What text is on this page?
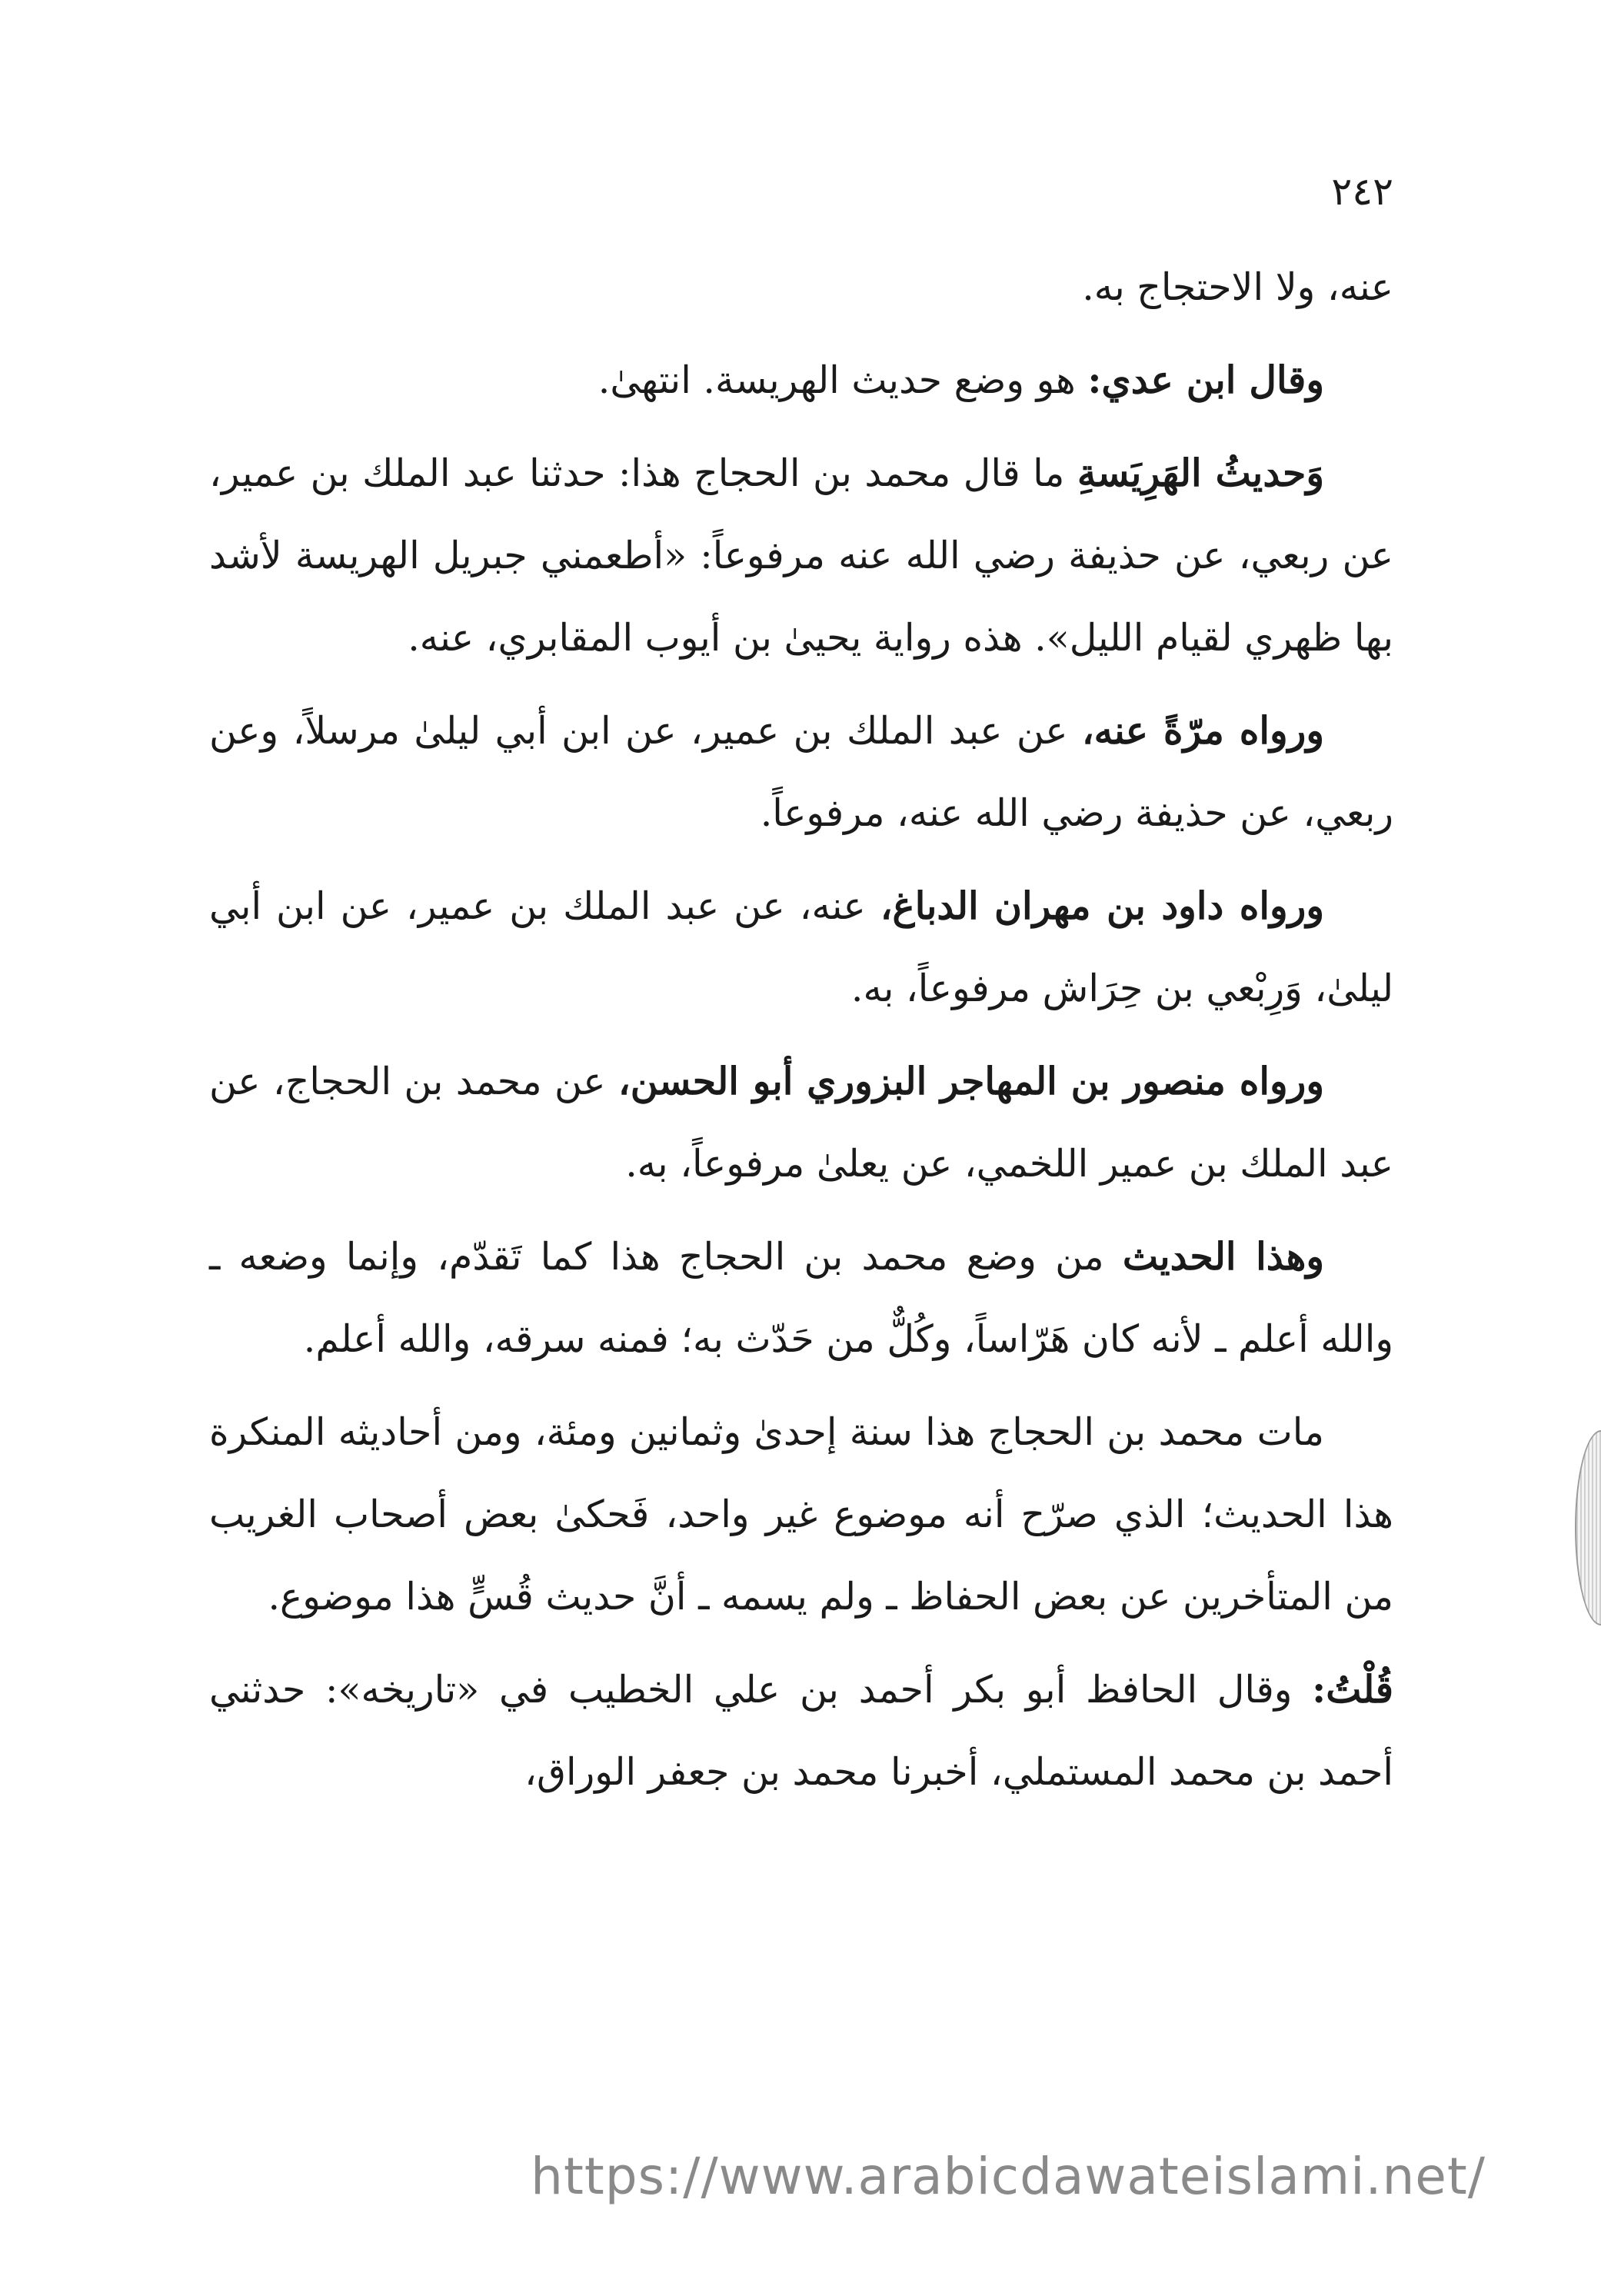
٢٤٢

عنه، ولا الاحتجاج به.

وقال ابن عدي: هو وضع حديث الهريسة. انتهىٰ.

وَحديثُ الهَرِيَسةِ ما قال محمد بن الحجاج هذا: حدثنا عبد الملك بن عمير، عن ربعي، عن حذيفة رضي الله عنه مرفوعاً: «أطعمني جبريل الهريسة لأشد بها ظهري لقيام الليل». هذه رواية يحيىٰ بن أيوب المقابري، عنه.

ورواه مرّةً عنه، عن عبد الملك بن عمير، عن ابن أبي ليلىٰ مرسلاً، وعن ربعي، عن حذيفة رضي الله عنه، مرفوعاً.

ورواه داود بن مهران الدباغ، عنه، عن عبد الملك بن عمير، عن ابن أبي ليلىٰ، وَرِبْعي بن حِرَاش مرفوعاً، به.

ورواه منصور بن المهاجر البزوري أبو الحسن، عن محمد بن الحجاج، عن عبد الملك بن عمير اللخمي، عن يعلىٰ مرفوعاً، به.

وهذا الحديث من وضع محمد بن الحجاج هذا كما تَقدّم، وإنما وضعه ـ والله أعلم ـ لأنه كان هَرّاساً، وكُلٌّ من حَدّث به؛ فمنه سرقه، والله أعلم.

مات محمد بن الحجاج هذا سنة إحدىٰ وثمانين ومئة، ومن أحاديثه المنكرة هذا الحديث؛ الذي صرّح أنه موضوع غير واحد، فَحكىٰ بعض أصحاب الغريب من المتأخرين عن بعض الحفاظ ـ ولم يسمه ـ أنَّ حديث قُسٍّ هذا موضوع.

قُلْتُ: وقال الحافظ أبو بكر أحمد بن علي الخطيب في «تاريخه»: حدثني أحمد بن محمد المستملي، أخبرنا محمد بن جعفر الوراق،

https://www.arabicdawateislami.net/
